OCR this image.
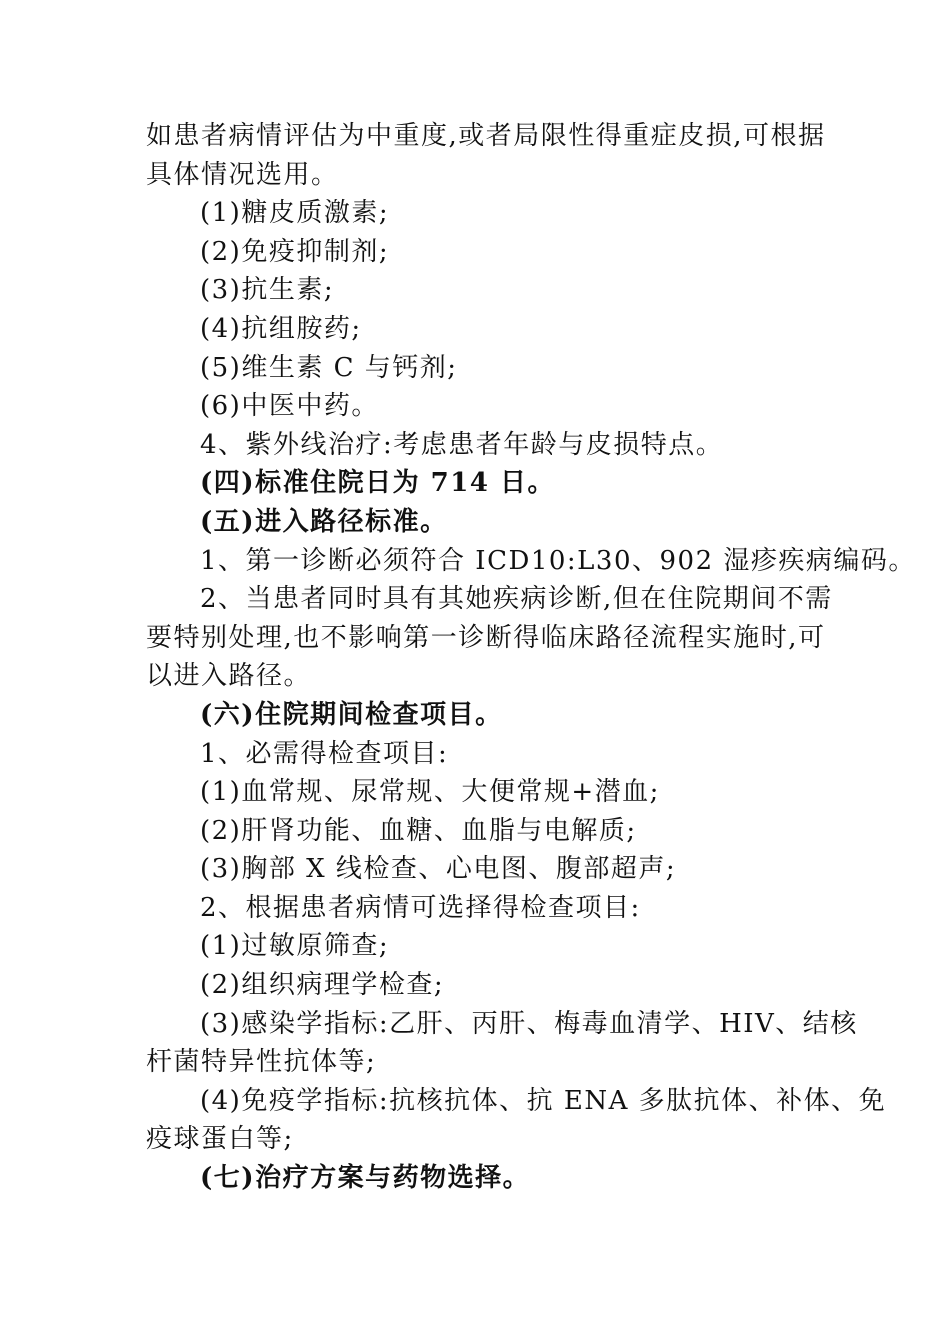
如患者病情评估为中重度,或者局限性得重症皮损,可根据
具体情况选用。
(1)糖皮质激素;
(2)免疫抑制剂;
(3)抗生素;
(4)抗组胺药;
(5)维生素 C 与钙剂;
(6)中医中药。
4、紫外线治疗:考虑患者年龄与皮损特点。
(四)标准住院日为 714 日。
(五)进入路径标准。
1、第一诊断必须符合 ICD10:L30、902 湿疹疾病编码。
2、当患者同时具有其她疾病诊断,但在住院期间不需
要特别处理,也不影响第一诊断得临床路径流程实施时,可
以进入路径。
(六)住院期间检查项目。
1、必需得检查项目:
(1)血常规、尿常规、大便常规+潜血;
(2)肝肾功能、血糖、血脂与电解质;
(3)胸部 X 线检查、心电图、腹部超声;
2、根据患者病情可选择得检查项目:
(1)过敏原筛查;
(2)组织病理学检查;
(3)感染学指标:乙肝、丙肝、梅毒血清学、HIV、结核
杆菌特异性抗体等;
(4)免疫学指标:抗核抗体、抗 ENA 多肽抗体、补体、免
疫球蛋白等;
(七)治疗方案与药物选择。
